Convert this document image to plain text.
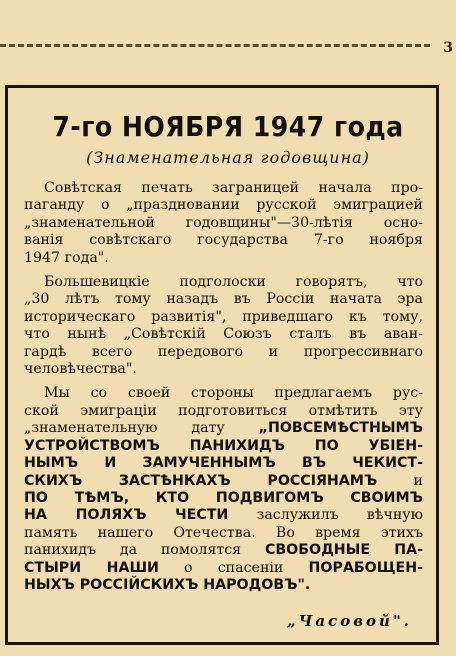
3
7-го НОЯБРЯ 1947 года
(Знаменательная годовщина)
Совѣтская печать заграницей начала про-
паганду о „праздновании русской эмиграцией
„знаменательной годовщины"—30-лѣтія осно-
ванія совѣтскаго государства 7-го ноября
1947 года".
Большевицкіе подголоски говорятъ, что
„30 лѣтъ тому назадъ въ Россіи начата эра
историческаго развитія", приведшаго къ тому,
что нынѣ „Совѣтскій Союзъ сталъ въ аван-
гардѣ всего передового и прогрессивнаго
человѣчества".
Мы со своей стороны предлагаемъ рус-
ской эмиграціи подготовиться отмѣтить эту
„знаменательную дату „ПОВСЕМѢСТНЫМЪ
УСТРОЙСТВОМЪ ПАНИХИДЪ ПО УБІЕН-
НЫМЪ И ЗАМУЧЕННЫМЪ ВЪ ЧЕКИСТ-
СКИХЪ ЗАСТѢНКАХЪ РОССІЯНАМЪ и
ПО ТѢМЪ, КТО ПОДВИГОМЪ СВОИМЪ
НА ПОЛЯХЪ ЧЕСТИ заслужилъ вѣчную
память нашего Отечества. Во время этихъ
панихидъ да помолятся СВОБОДНЫЕ ПА-
СТЫРИ НАШИ о спасеніи ПОРАБОЩЕН-
НЫХЪ РОССІЙСКИХЪ НАРОДОВЪ".
„Часовой".
